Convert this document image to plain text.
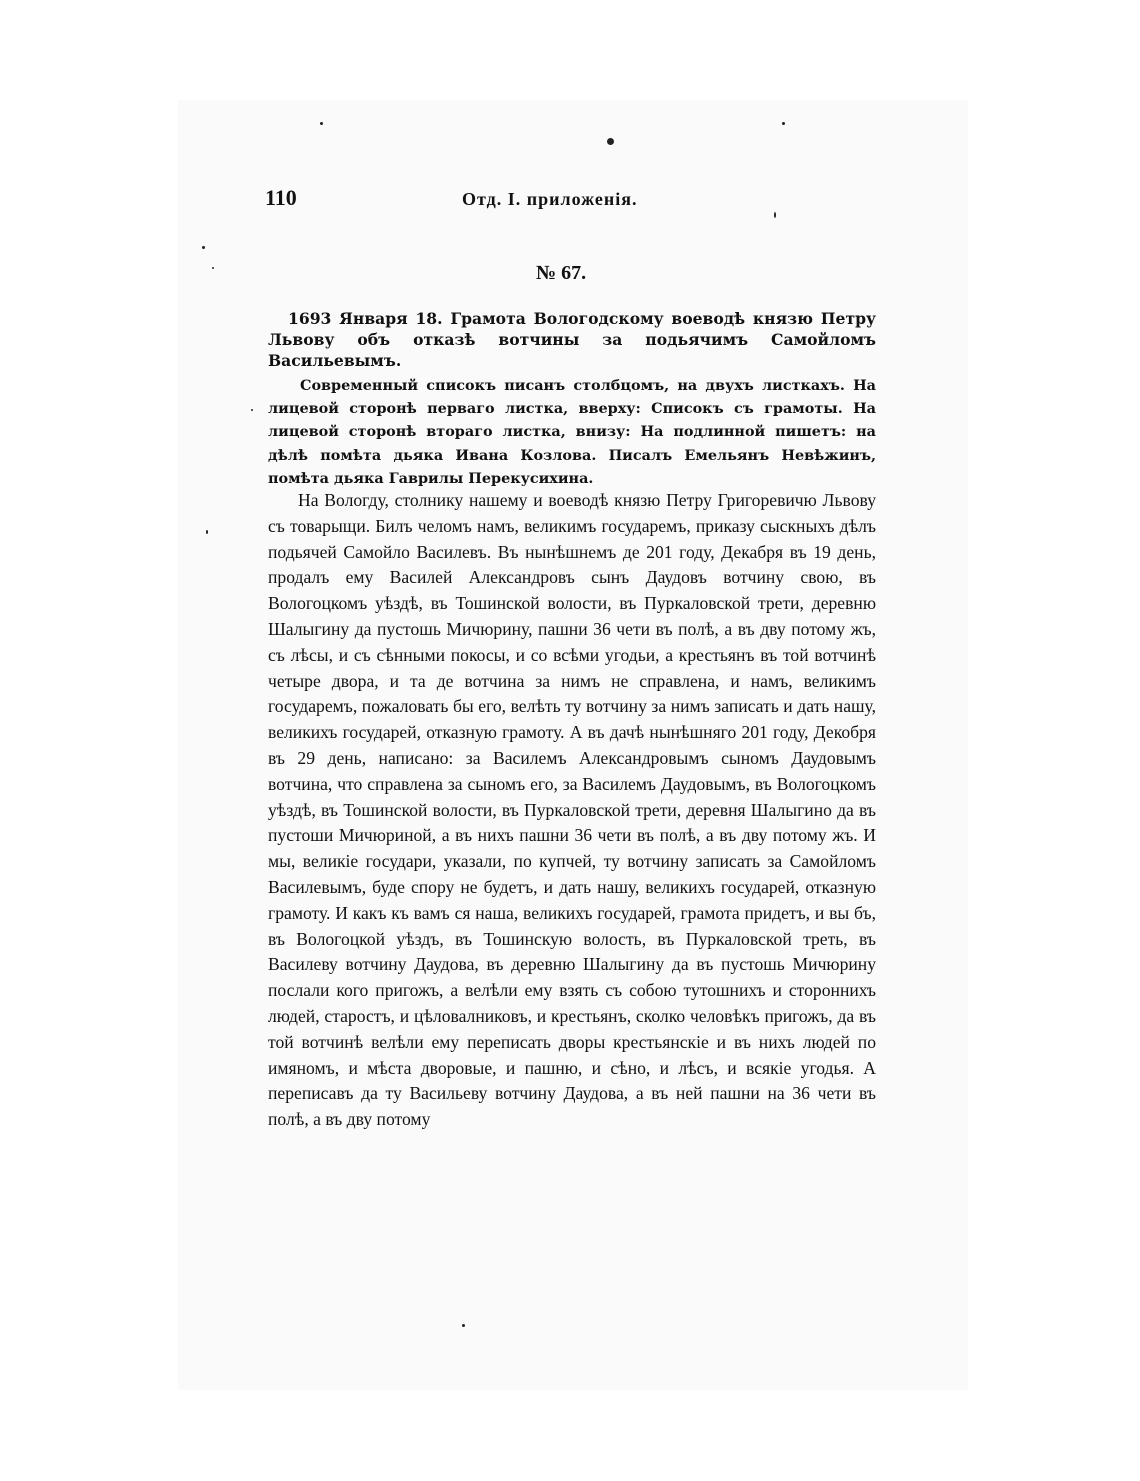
110	Отд. I. приложенія.
№ 67.

1693 Января 18. Грамота Вологодскому воеводѣ князю Петру Львову объ отказѣ вотчины за подьячимъ Самойломъ Васильевымъ.

Современный списокъ писанъ столбцомъ, на двухъ листкахъ. На лицевой сторонѣ перваго листка, вверху: Списокъ съ грамоты. На лицевой сторонѣ втораго листка, внизу: На подлинной пишетъ: на дѣлѣ помѣта дьяка Ивана Козлова. Писалъ Емельянъ Невѣжинъ, помѣта дьяка Гаврилы Перекусихина.

На Вологду, столнику нашему и воеводѣ князю Петру Григоревичю Львову съ товарыщи. Билъ челомъ намъ, великимъ государемъ, приказу сыскныхъ дѣлъ подьячей Самойло Василевъ. Въ нынѣшнемъ де 201 году, Декабря въ 19 день, продалъ ему Василей Александровъ сынъ Даудовъ вотчину свою, въ Вологоцкомъ уѣздѣ, въ Тошинской волости, въ Пуркаловской трети, деревню Шалыгину да пустошь Мичюрину, пашни 36 чети въ полѣ, а въ дву потому жъ, съ лѣсы, и съ сѣнными покосы, и со всѣми угодьи, а крестьянъ въ той вотчинѣ четыре двора, и та де вотчина за нимъ не справлена, и намъ, великимъ государемъ, пожаловать бы его, велѣть ту вотчину за нимъ записать и дать нашу, великихъ государей, отказную грамоту. А въ дачѣ нынѣшняго 201 году, Декобря въ 29 день, написано: за Василемъ Александровымъ сыномъ Даудовымъ вотчина, что справлена за сыномъ его, за Василемъ Даудовымъ, въ Вологоцкомъ уѣздѣ, въ Тошинской волости, въ Пуркаловской трети, деревня Шалыгино да въ пустоши Мичюриной, а въ нихъ пашни 36 чети въ полѣ, а въ дву потому жъ. И мы, великіе государи, указали, по купчей, ту вотчину записать за Самойломъ Василевымъ, буде спору не будетъ, и дать нашу, великихъ государей, отказную грамоту. И какъ къ вамъ ся наша, великихъ государей, грамота придетъ, и вы бъ, въ Вологоцкой уѣздъ, въ Тошинскую волость, въ Пуркаловской треть, въ Василеву вотчину Даудова, въ деревню Шалыгину да въ пустошь Мичюрину послали кого пригожъ, а велѣли ему взять съ собою тутошнихъ и стороннихъ людей, старостъ, и цѣловалниковъ, и крестьянъ, сколко человѣкъ пригожъ, да въ той вотчинѣ велѣли ему переписать дворы крестьянскіе и въ нихъ людей по имяномъ, и мѣста дворовые, и пашню, и сѣно, и лѣсъ, и всякіе угодья. А переписавъ да ту Васильеву вотчину Даудова, а въ ней пашни на 36 чети въ полѣ, а въ дву потому
